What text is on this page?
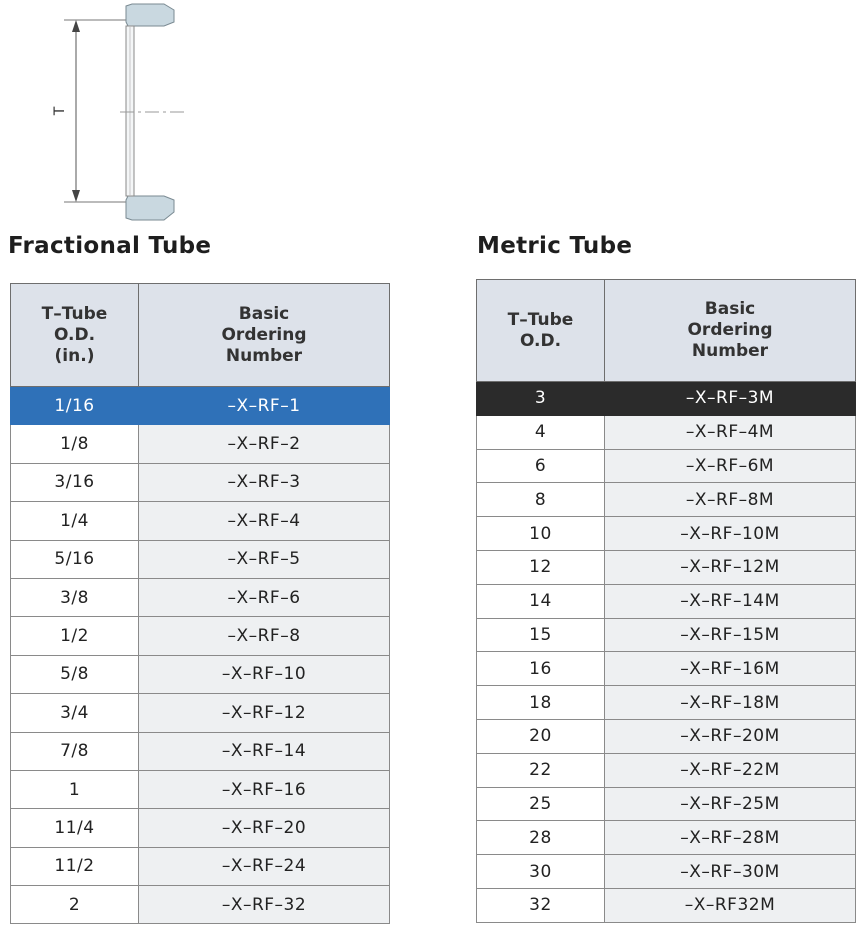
T
Fractional Tube
T–Tube
O.D.
(in.)	Basic
Ordering
Number

1/16	–X–RF–1
1/8	–X–RF–2
3/16	–X–RF–3
1/4	–X–RF–4
5/16	–X–RF–5
3/8	–X–RF–6
1/2	–X–RF–8
5/8	–X–RF–10
3/4	–X–RF–12
7/8	–X–RF–14
1	–X–RF–16
11/4	–X–RF–20
11/2	–X–RF–24
2	–X–RF–32
Metric Tube
T–Tube
O.D.	Basic
Ordering
Number

3	–X–RF–3M
4	–X–RF–4M
6	–X–RF–6M
8	–X–RF–8M
10	–X–RF–10M
12	–X–RF–12M
14	–X–RF–14M
15	–X–RF–15M
16	–X–RF–16M
18	–X–RF–18M
20	–X–RF–20M
22	–X–RF–22M
25	–X–RF–25M
28	–X–RF–28M
30	–X–RF–30M
32	–X–RF32M
